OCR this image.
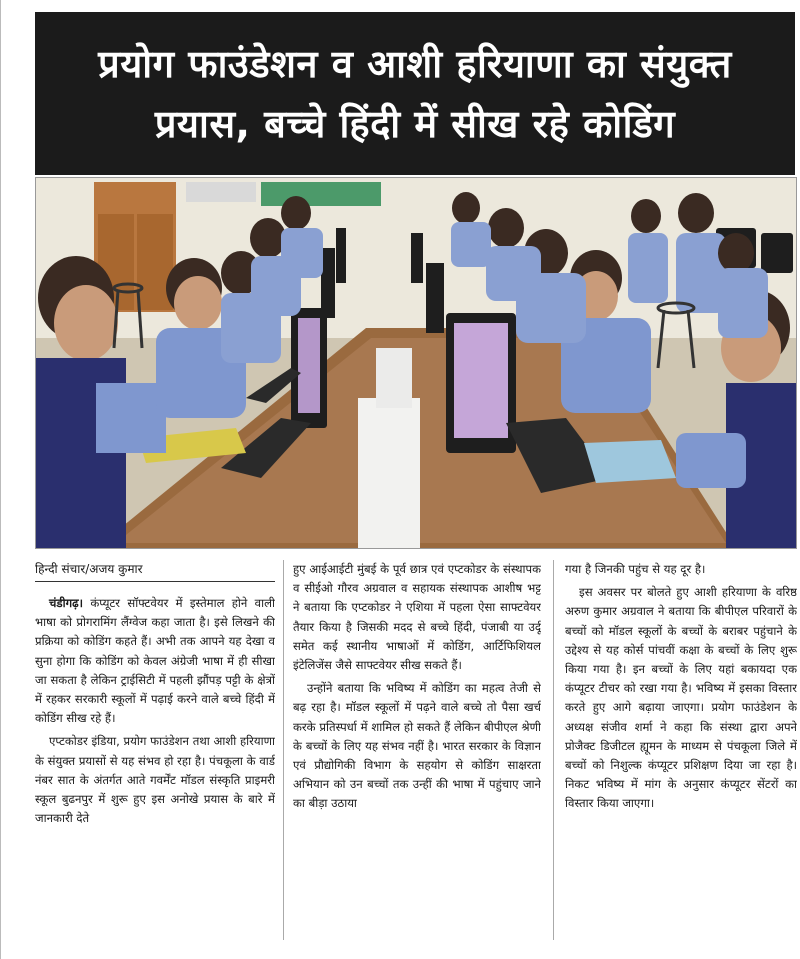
प्रयोग फाउंडेशन व आशी हरियाणा का संयुक्त
प्रयास, बच्चे हिंदी में सीख रहे कोडिंग
हिन्दी संचार/अजय कुमार

चंडीगढ़। कंप्यूटर सॉफ्टवेयर में इस्तेमाल होने वाली भाषा को प्रोगरामिंग लैंग्वेज कहा जाता है। इसे लिखने की प्रक्रिया को कोडिंग कहते हैं। अभी तक आपने यह देखा व सुना होगा कि कोडिंग को केवल अंग्रेजी भाषा में ही सीखा जा सकता है लेकिन ट्राईसिटी में पहली झौंपड़ पट्टी के क्षेत्रों में रहकर सरकारी स्कूलों में पढ़ाई करने वाले बच्चे हिंदी में कोडिंग सीख रहे हैं।

एप्टकोडर इंडिया, प्रयोग फाउंडेशन तथा आशी हरियाणा के संयुक्त प्रयासों से यह संभव हो रहा है। पंचकूला के वार्ड नंबर सात के अंतर्गत आते गवर्मेंट मॉडल संस्कृति प्राइमरी स्कूल बुढनपुर में शुरू हुए इस अनोखे प्रयास के बारे में जानकारी देते

हुए आईआईटी मुंबई के पूर्व छात्र एवं एप्टकोडर के संस्थापक व सीईओ गौरव अग्रवाल व सहायक संस्थापक आशीष भट्ट ने बताया कि एप्टकोडर ने एशिया में पहला ऐसा साफ्टवेयर तैयार किया है जिसकी मदद से बच्चे हिंदी, पंजाबी या उर्दू समेत कई स्थानीय भाषाओं में कोडिंग, आर्टिफिशियल इंटेलिजेंस जैसे साफ्टवेयर सीख सकते हैं।

उन्होंने बताया कि भविष्य में कोडिंग का महत्व तेजी से बढ़ रहा है। मॉडल स्कूलों में पढ़ने वाले बच्चे तो पैसा खर्च करके प्रतिस्पर्धा में शामिल हो सकते हैं लेकिन बीपीएल श्रेणी के बच्चों के लिए यह संभव नहीं है। भारत सरकार के विज्ञान एवं प्रौद्योगिकी विभाग के सहयोग से कोडिंग साक्षरता अभियान को उन बच्चों तक उन्हीं की भाषा में पहुंचाए जाने का बीड़ा उठाया

गया है जिनकी पहुंच से यह दूर है।

इस अवसर पर बोलते हुए आशी हरियाणा के वरिष्ठ अरुण कुमार अग्रवाल ने बताया कि बीपीएल परिवारों के बच्चों को मॉडल स्कूलों के बच्चों के बराबर पहुंचाने के उद्देश्य से यह कोर्स पांचवीं कक्षा के बच्चों के लिए शुरू किया गया है। इन बच्चों के लिए यहां बकायदा एक कंप्यूटर टीचर को रखा गया है। भविष्य में इसका विस्तार करते हुए आगे बढ़ाया जाएगा। प्रयोग फाउंडेशन के अध्यक्ष संजीव शर्मा ने कहा कि संस्था द्वारा अपने प्रोजैक्ट डिजीटल ह्यूमन के माध्यम से पंचकूला जिले में बच्चों को निशुल्क कंप्यूटर प्रशिक्षण दिया जा रहा है। निकट भविष्य में मांग के अनुसार कंप्यूटर सेंटरों का विस्तार किया जाएगा।
